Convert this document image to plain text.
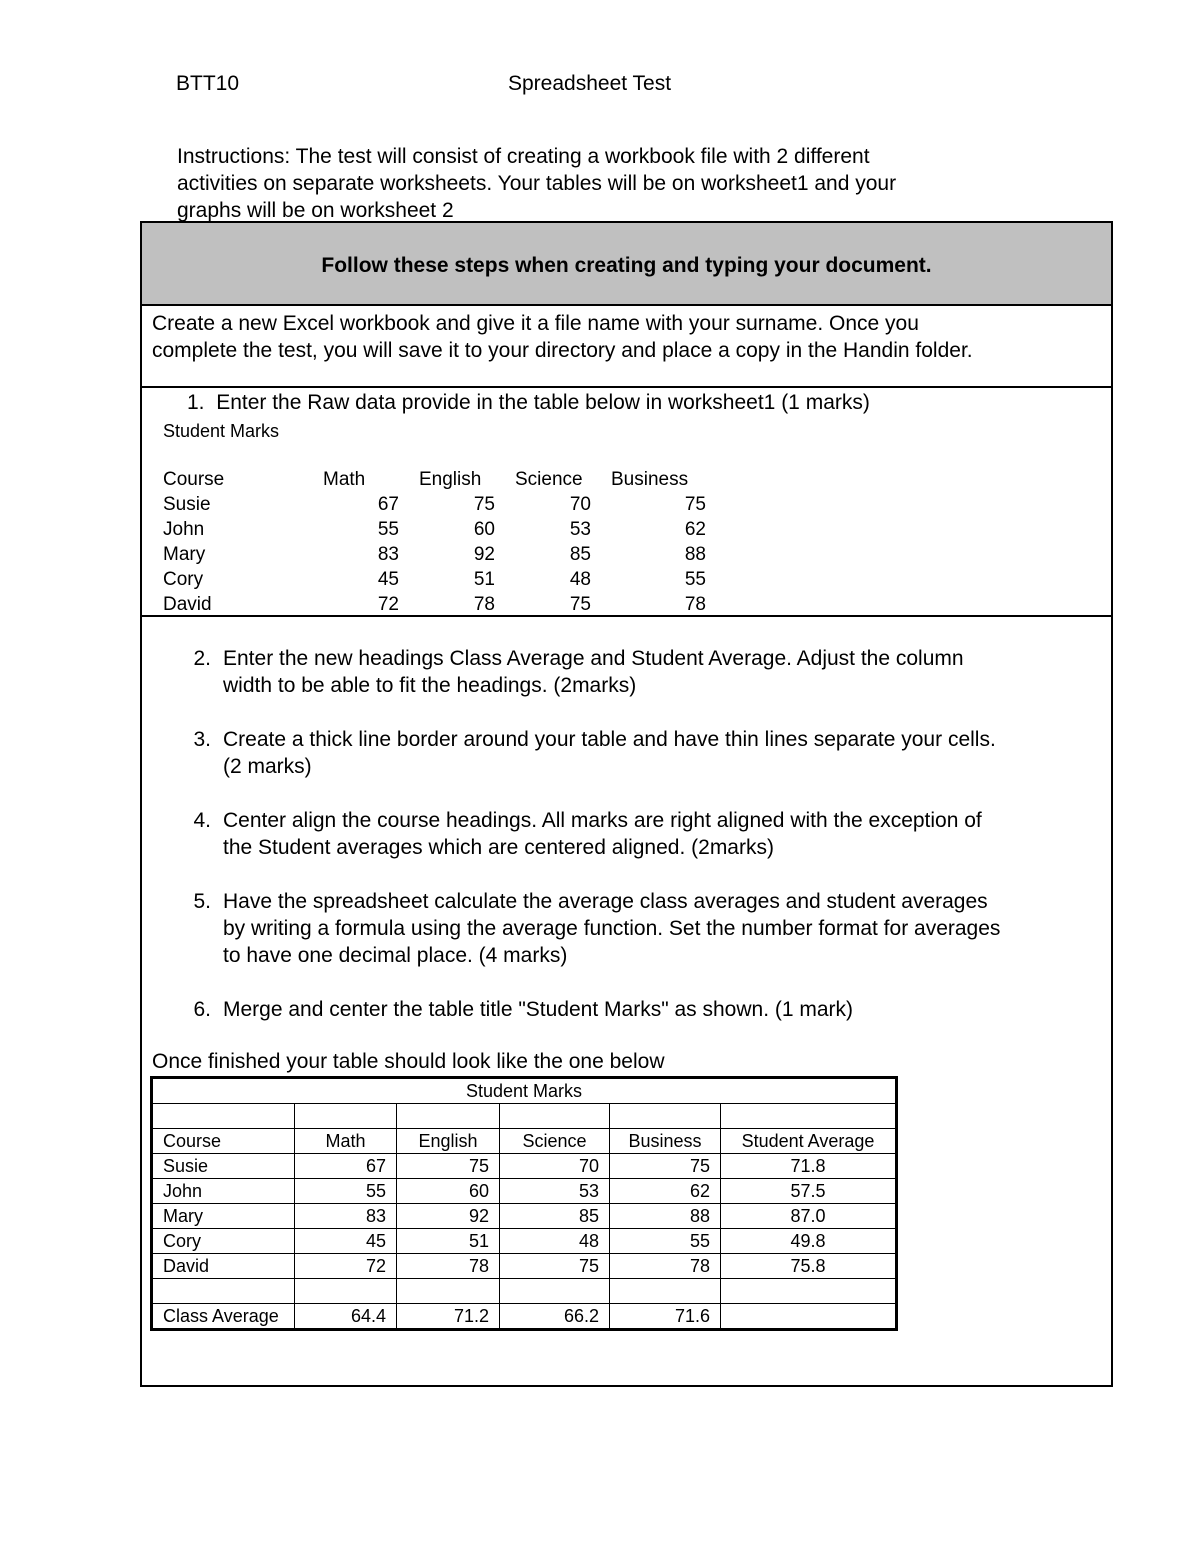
BTT10	Spreadsheet Test
Instructions: The test will consist of creating a workbook file with 2 different
activities on separate worksheets. Your tables will be on worksheet1 and your
graphs will be on worksheet 2
Follow these steps when creating and typing your document.
Create a new Excel workbook and give it a file name with your surname. Once you
complete the test, you will save it to your directory and place a copy in the Handin folder.
1. Enter the Raw data provide in the table below in worksheet1 (1 marks)
Student Marks
Course	Math	English Science Business
Susie	67	75	70	75
John	55	60	53	62
Mary	83	92	85	88
Cory	45	51	48	55
David	72	78	75	78
2. Enter the new headings Class Average and Student Average. Adjust the column
width to be able to fit the headings. (2marks)
3. Create a thick line border around your table and have thin lines separate your cells.
(2 marks)
4. Center align the course headings. All marks are right aligned with the exception of
the Student averages which are centered aligned. (2marks)
5. Have the spreadsheet calculate the average class averages and student averages
by writing a formula using the average function. Set the number format for averages
to have one decimal place. (4 marks)
6. Merge and center the table title "Student Marks" as shown. (1 mark)
Once finished your table should look like the one below
Student Marks					

Course	Math	English	Science	Business	Student Average
Susie	67	75	70	75	71.8
John	55	60	53	62	57.5
Mary	83	92	85	88	87.0
Cory	45	51	48	55	49.8
David	72	78	75	78	75.8

Class Average	64.4	71.2	66.2	71.6	
